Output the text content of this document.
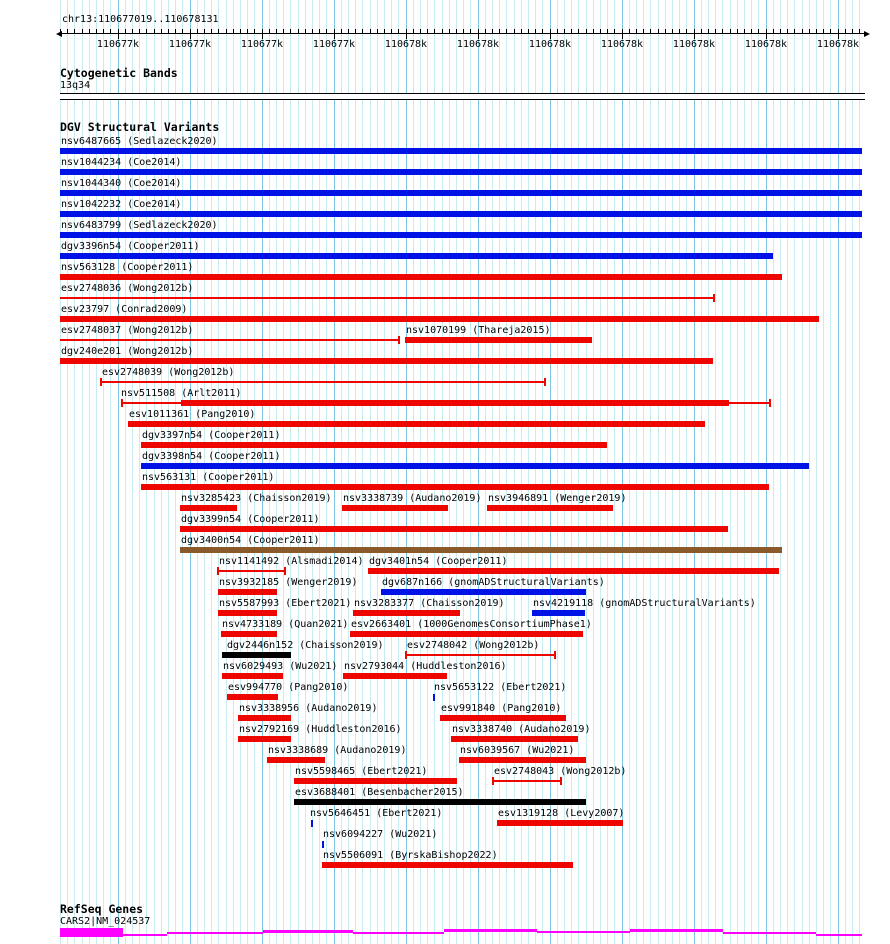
chr13:110677019..110678131
110677k	110677k	110677k	110677k	110678k	110678k	110678k	110678k	110678k	110678k	110678k
Cytogenetic Bands
13q34
DGV Structural Variants
nsv6487665 (Sedlazeck2020)
nsv1044234 (Coe2014)
nsv1044340 (Coe2014)
nsv1042232 (Coe2014)
nsv6483799 (Sedlazeck2020)
dgv3396n54 (Cooper2011)
nsv563128 (Cooper2011)
esv2748036 (Wong2012b)
esv23797 (Conrad2009)
esv2748037 (Wong2012b)	nsv1070199 (Thareja2015)
dgv240e201 (Wong2012b)
esv2748039 (Wong2012b)
nsv511508 (Arlt2011)
esv1011361 (Pang2010)
dgv3397n54 (Cooper2011)
dgv3398n54 (Cooper2011)
nsv563131 (Cooper2011)
nsv3285423 (Chaisson2019) nsv3338739 (Audano2019) nsv3946891 (Wenger2019)
dgv3399n54 (Cooper2011)
dgv3400n54 (Cooper2011)
nsv1141492 (Alsmadi2014) dgv3401n54 (Cooper2011)
nsv3932185 (Wenger2019) dgv687n166 (gnomADStructuralVariants)
nsv5587993 (Ebert2021) nsv3283377 (Chaisson2019)	nsv4219118 (gnomADStructuralVariants)
nsv4733189 (Quan2021) esv2663401 (1000GenomesConsortiumPhase1)
dgv2446n152 (Chaisson2019) esv2748042 (Wong2012b)
nsv6029493 (Wu2021) nsv2793044 (Huddleston2016)
esv994770 (Pang2010)	nsv5653122 (Ebert2021)
nsv3338956 (Audano2019)	esv991840 (Pang2010)
nsv2792169 (Huddleston2016)	nsv3338740 (Audano2019)
nsv3338689 (Audano2019)	nsv6039567 (Wu2021)
nsv5598465 (Ebert2021)	esv2748043 (Wong2012b)
esv3688401 (Besenbacher2015)
nsv5646451 (Ebert2021)	esv1319128 (Levy2007)
nsv6094227 (Wu2021)
nsv5506091 (ByrskaBishop2022)
RefSeq Genes
CARS2|NM_024537
